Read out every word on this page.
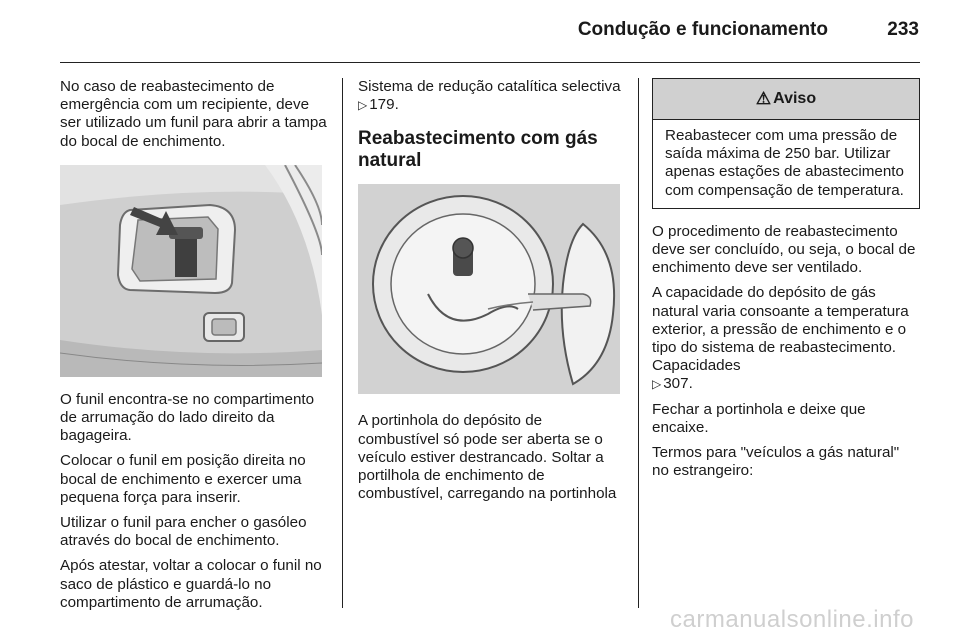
Condução e funcionamento	233

No caso de reabastecimento de emergência com um recipiente, deve ser utilizado um funil para abrir a tampa do bocal de enchimento.

O funil encontra-se no compartimento de arrumação do lado direito da bagageira.

Colocar o funil em posição direita no bocal de enchimento e exercer uma pequena força para inserir.

Utilizar o funil para encher o gasóleo através do bocal de enchimento.

Após atestar, voltar a colocar o funil no saco de plástico e guardá-lo no compartimento de arrumação.

Sistema de redução catalítica selectiva ▷ 179.

Reabastecimento com gás natural

A portinhola do depósito de combustível só pode ser aberta se o veículo estiver destrancado. Soltar a portilhola de enchimento de combustível, carregando na portinhola

⚠ Aviso
Reabastecer com uma pressão de saída máxima de 250 bar. Utilizar apenas estações de abastecimento com compensação de temperatura.

O procedimento de reabastecimento deve ser concluído, ou seja, o bocal de enchimento deve ser ventilado.

A capacidade do depósito de gás natural varia consoante a temperatura exterior, a pressão de enchimento e o tipo do sistema de reabastecimento. Capacidades
▷ 307.

Fechar a portinhola e deixe que encaixe.

Termos para "veículos a gás natural" no estrangeiro:

carmanualsonline.info
